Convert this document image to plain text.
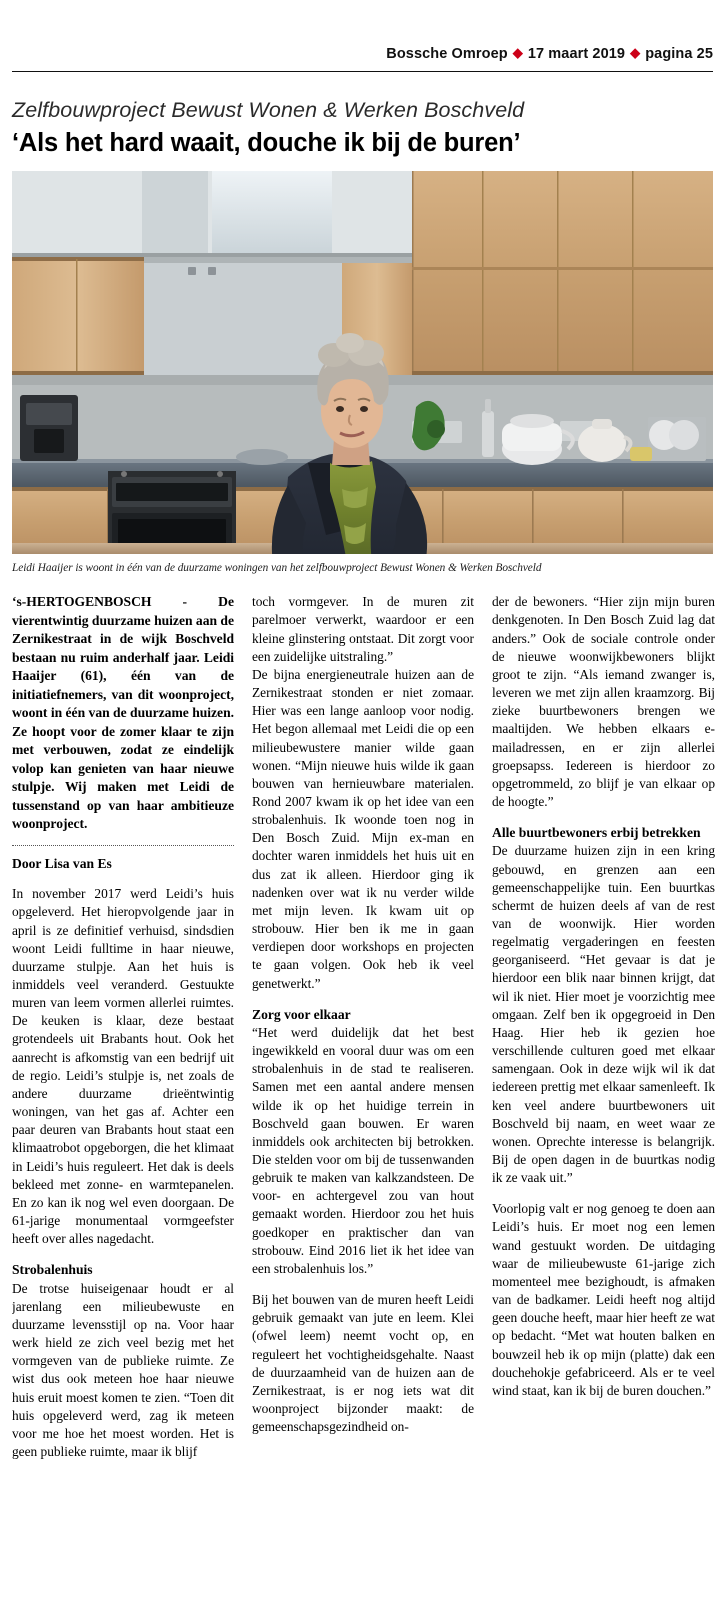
Bossche Omroep ◆ 17 maart 2019 ◆ pagina 25
Zelfbouwproject Bewust Wonen & Werken Boschveld
‘Als het hard waait, douche ik bij de buren’
Leidi Haaijer is woont in één van de duurzame woningen van het zelfbouwproject Bewust Wonen & Werken Boschveld

‘s-HERTOGENBOSCH - De vierentwintig duurzame huizen aan de Zernikestraat in de wijk Boschveld bestaan nu ruim anderhalf jaar. Leidi Haaijer (61), één van de initiatiefnemers, van dit woonproject, woont in één van de duurzame huizen. Ze hoopt voor de zomer klaar te zijn met verbouwen, zodat ze eindelijk volop kan genieten van haar nieuwe stulpje. Wij maken met Leidi de tussenstand op van haar ambitieuze woonproject.

Door Lisa van Es

In november 2017 werd Leidi’s huis opgeleverd. Het hieropvolgende jaar in april is ze definitief verhuisd, sindsdien woont Leidi fulltime in haar nieuwe, duurzame stulpje. Aan het huis is inmiddels veel veranderd. Gestuukte muren van leem vormen allerlei ruimtes. De keuken is klaar, deze bestaat grotendeels uit Brabants hout. Ook het aanrecht is afkomstig van een bedrijf uit de regio. Leidi’s stulpje is, net zoals de andere duurzame drieëntwintig woningen, van het gas af. Achter een paar deuren van Brabants hout staat een klimaatrobot opgeborgen, die het klimaat in Leidi’s huis reguleert. Het dak is deels bekleed met zonne- en warmtepanelen. En zo kan ik nog wel even doorgaan. De 61-jarige monumentaal vormgeefster heeft over alles nagedacht.

Strobalenhuis

De trotse huiseigenaar houdt er al jarenlang een milieubewuste en duurzame levensstijl op na. Voor haar werk hield ze zich veel bezig met het vormgeven van de publieke ruimte. Ze wist dus ook meteen hoe haar nieuwe huis eruit moest komen te zien. “Toen dit huis opgeleverd werd, zag ik meteen voor me hoe het moest worden. Het is geen publieke ruimte, maar ik blijf

toch vormgever. In de muren zit parelmoer verwerkt, waardoor er een kleine glinstering ontstaat. Dit zorgt voor een zuidelijke uitstraling.”

De bijna energieneutrale huizen aan de Zernikestraat stonden er niet zomaar. Hier was een lange aanloop voor nodig. Het begon allemaal met Leidi die op een milieubewustere manier wilde gaan wonen. “Mijn nieuwe huis wilde ik gaan bouwen van hernieuwbare materialen. Rond 2007 kwam ik op het idee van een strobalenhuis. Ik woonde toen nog in Den Bosch Zuid. Mijn ex-man en dochter waren inmiddels het huis uit en dus zat ik alleen. Hierdoor ging ik nadenken over wat ik nu verder wilde met mijn leven. Ik kwam uit op strobouw. Hier ben ik me in gaan verdiepen door workshops en projecten te gaan volgen. Ook heb ik veel genetwerkt.”

Zorg voor elkaar

“Het werd duidelijk dat het best ingewikkeld en vooral duur was om een strobalenhuis in de stad te realiseren. Samen met een aantal andere mensen wilde ik op het huidige terrein in Boschveld gaan bouwen. Er waren inmiddels ook architecten bij betrokken. Die stelden voor om bij de tussenwanden gebruik te maken van kalkzandsteen. De voor- en achtergevel zou van hout gemaakt worden. Hierdoor zou het huis goedkoper en praktischer dan van strobouw. Eind 2016 liet ik het idee van een strobalenhuis los.”

Bij het bouwen van de muren heeft Leidi gebruik gemaakt van jute en leem. Klei (ofwel leem) neemt vocht op, en reguleert het vochtigheidsgehalte. Naast de duurzaamheid van de huizen aan de Zernikestraat, is er nog iets wat dit woonproject bijzonder maakt: de gemeenschapsgezindheid on-

der de bewoners. “Hier zijn mijn buren denkgenoten. In Den Bosch Zuid lag dat anders.” Ook de sociale controle onder de nieuwe woonwijkbewoners blijkt groot te zijn. “Als iemand zwanger is, leveren we met zijn allen kraamzorg. Bij zieke buurtbewoners brengen we maaltijden. We hebben elkaars e-mailadressen, en er zijn allerlei groepsapss. Iedereen is hierdoor zo opgetrommeld, zo blijf je van elkaar op de hoogte.”

Alle buurtbewoners erbij betrekken

De duurzame huizen zijn in een kring gebouwd, en grenzen aan een gemeenschappelijke tuin. Een buurtkas schermt de huizen deels af van de rest van de woonwijk. Hier worden regelmatig vergaderingen en feesten georganiseerd. “Het gevaar is dat je hierdoor een blik naar binnen krijgt, dat wil ik niet. Hier moet je voorzichtig mee omgaan. Zelf ben ik opgegroeid in Den Haag. Hier heb ik gezien hoe verschillende culturen goed met elkaar samengaan. Ook in deze wijk wil ik dat iedereen prettig met elkaar samenleeft. Ik ken veel andere buurtbewoners uit Boschveld bij naam, en weet waar ze wonen. Oprechte interesse is belangrijk. Bij de open dagen in de buurtkas nodig ik ze vaak uit.”

Voorlopig valt er nog genoeg te doen aan Leidi’s huis. Er moet nog een lemen wand gestuukt worden. De uitdaging waar de milieubewuste 61-jarige zich momenteel mee bezighoudt, is afmaken van de badkamer. Leidi heeft nog altijd geen douche heeft, maar hier heeft ze wat op bedacht. “Met wat houten balken en bouwzeil heb ik op mijn (platte) dak een douchehokje gefabriceerd. Als er te veel wind staat, kan ik bij de buren douchen.”
